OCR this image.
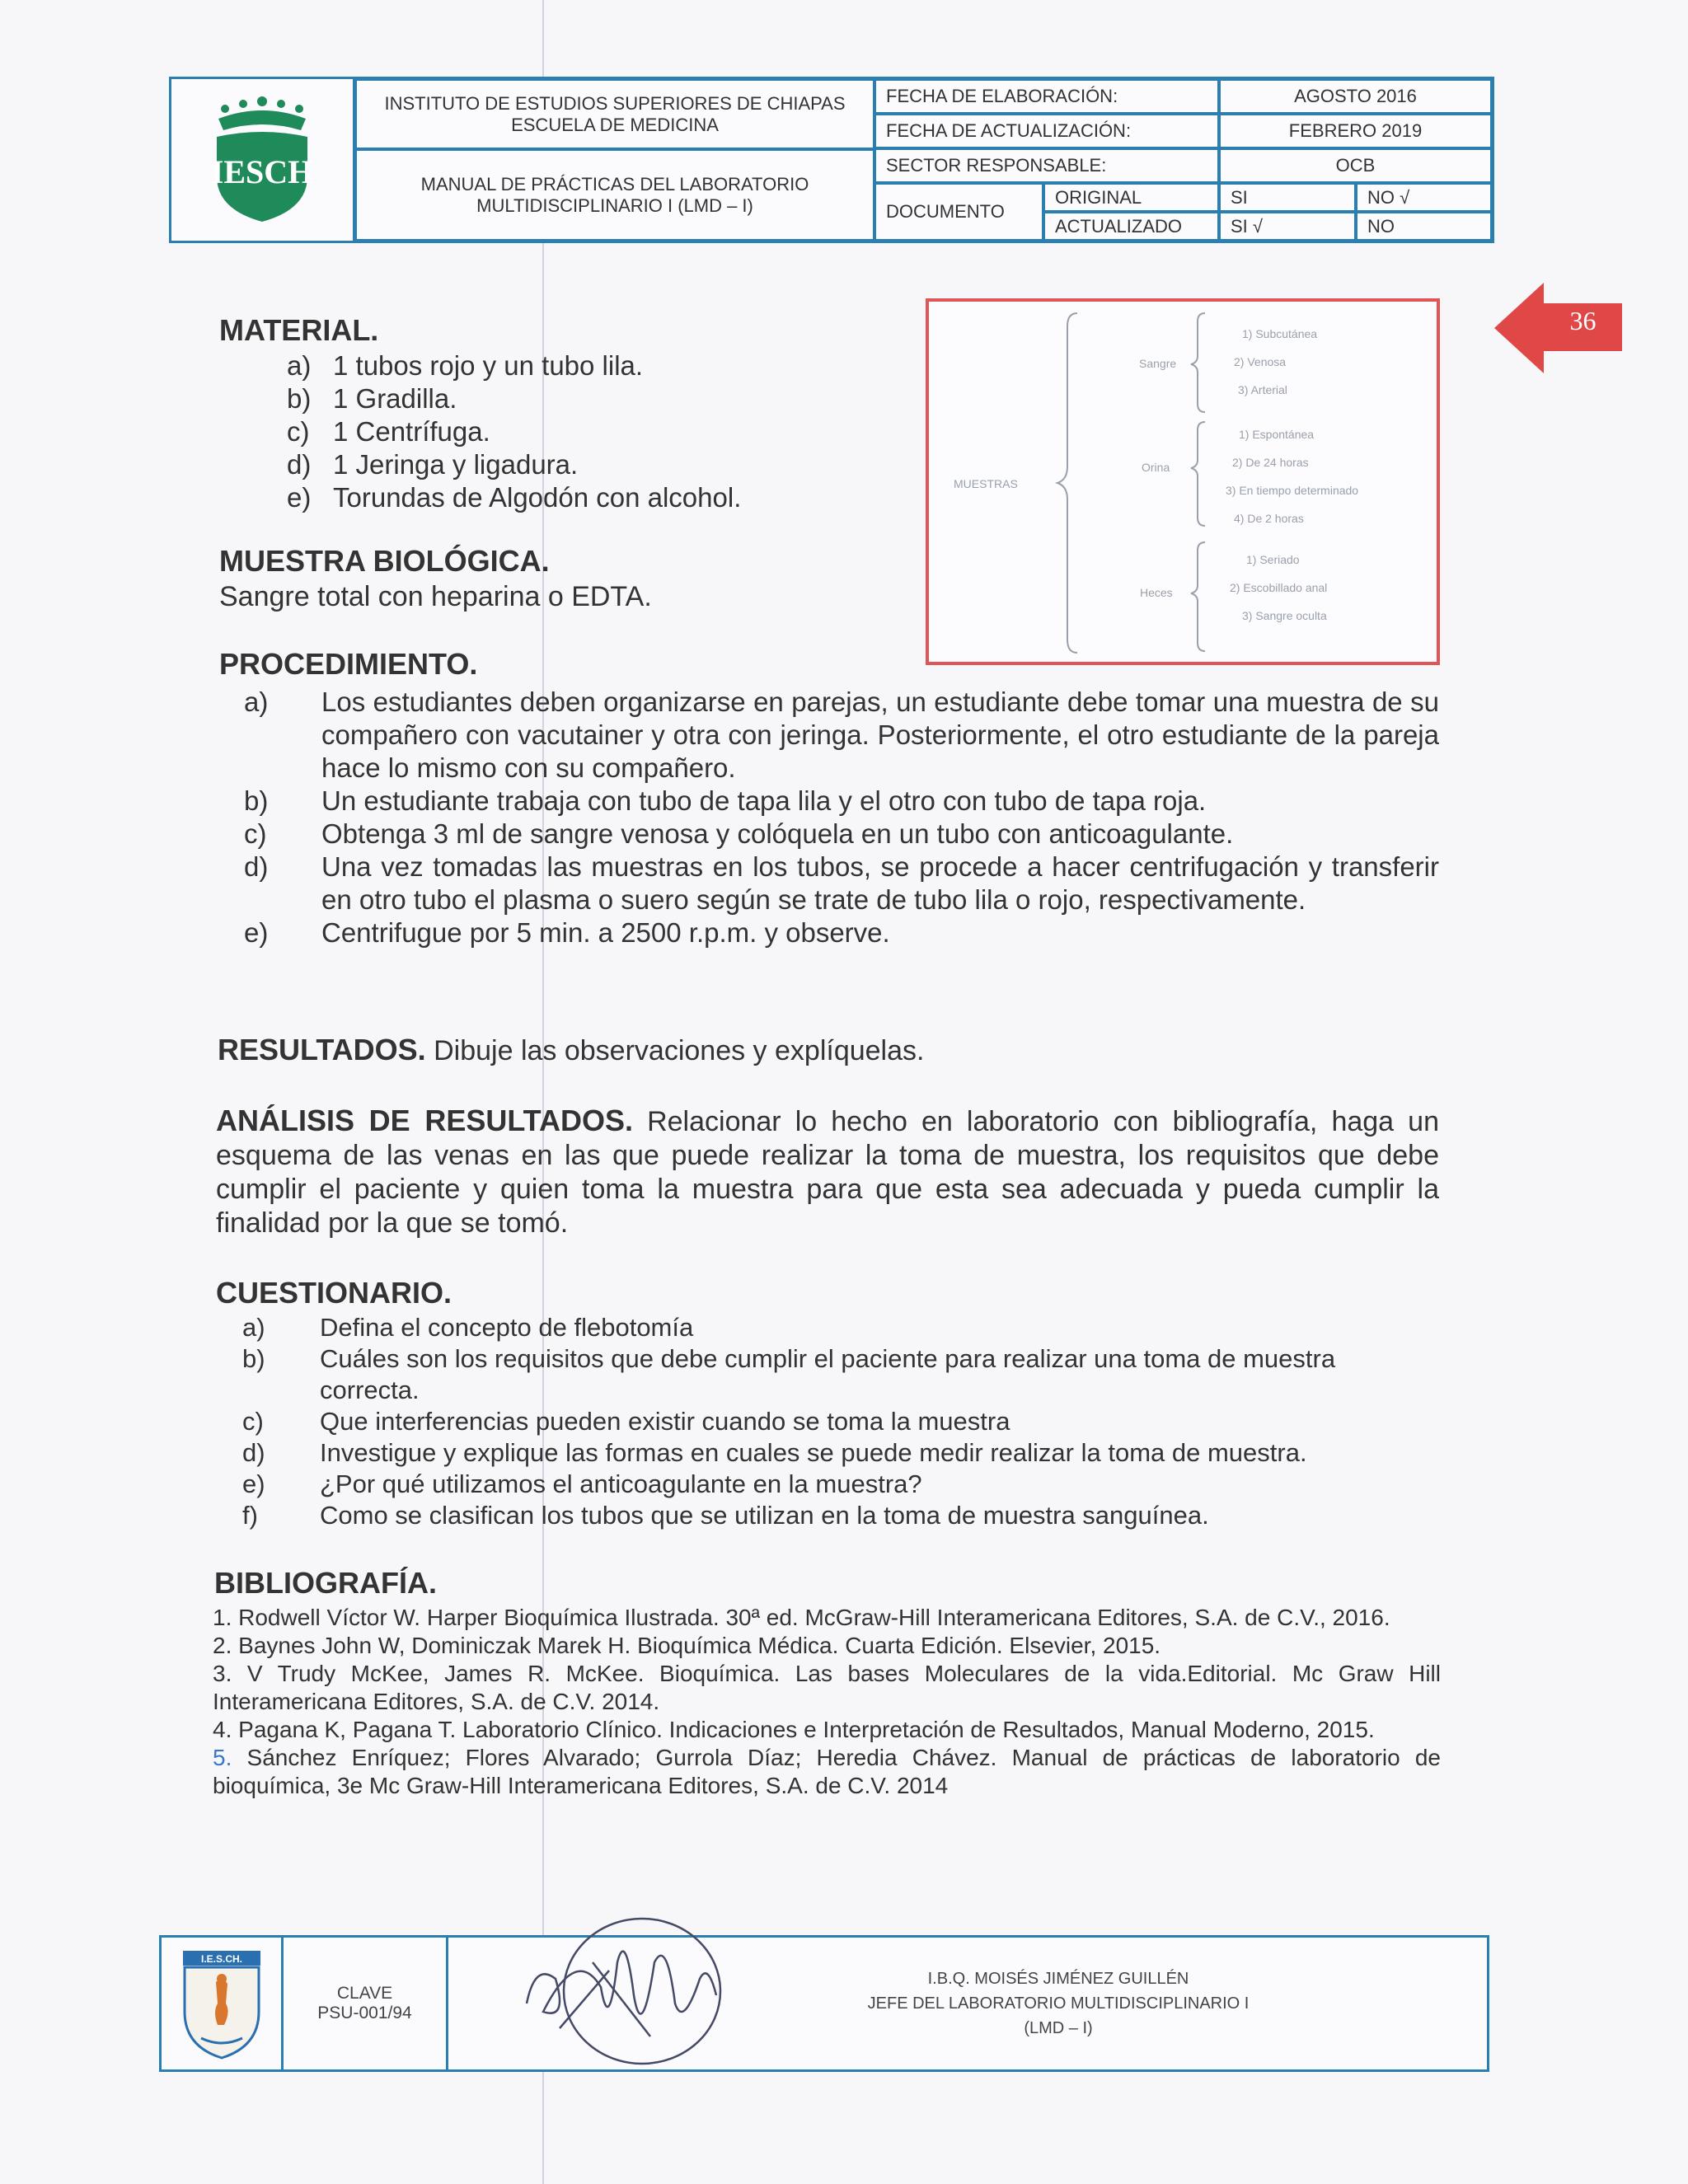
IESCH
INSTITUTO DE ESTUDIOS SUPERIORES DE CHIAPAS
ESCUELA DE MEDICINA
MANUAL DE PRÁCTICAS DEL LABORATORIO
MULTIDISCIPLINARIO I (LMD – I)
FECHA DE ELABORACIÓN:	AGOSTO 2016
FECHA DE ACTUALIZACIÓN:	FEBRERO 2019
SECTOR RESPONSABLE:	OCB
DOCUMENTO
ORIGINAL	SI	NO √
ACTUALIZADO	SI √	NO
36
MATERIAL.
a) 1 tubos rojo y un tubo lila.
b) 1 Gradilla.
c) 1 Centrífuga.
d) 1 Jeringa y ligadura.
e) Torundas de Algodón con alcohol.
MUESTRA BIOLÓGICA.
Sangre total con heparina o EDTA.
MUESTRAS
Sangre
Orina
Heces
1) Subcutánea
2) Venosa
3) Arterial
1) Espontánea
2) De 24 horas
3) En tiempo determinado
4) De 2 horas
1) Seriado
2) Escobillado anal
3) Sangre oculta
PROCEDIMIENTO.
a) Los estudiantes deben organizarse en parejas, un estudiante debe tomar una muestra de su compañero con vacutainer y otra con jeringa. Posteriormente, el otro estudiante de la pareja hace lo mismo con su compañero.
b) Un estudiante trabaja con tubo de tapa lila y el otro con tubo de tapa roja.
c) Obtenga 3 ml de sangre venosa y colóquela en un tubo con anticoagulante.
d) Una vez tomadas las muestras en los tubos, se procede a hacer centrifugación y transferir en otro tubo el plasma o suero según se trate de tubo lila o rojo, respectivamente.
e) Centrifugue por 5 min. a 2500 r.p.m. y observe.
RESULTADOS. Dibuje las observaciones y explíquelas.
ANÁLISIS DE RESULTADOS. Relacionar lo hecho en laboratorio con bibliografía, haga un esquema de las venas en las que puede realizar la toma de muestra, los requisitos que debe cumplir el paciente y quien toma la muestra para que esta sea adecuada y pueda cumplir la finalidad por la que se tomó.
CUESTIONARIO.
a) Defina el concepto de flebotomía
b) Cuáles son los requisitos que debe cumplir el paciente para realizar una toma de muestra correcta.
c) Que interferencias pueden existir cuando se toma la muestra
d) Investigue y explique las formas en cuales se puede medir realizar la toma de muestra.
e) ¿Por qué utilizamos el anticoagulante en la muestra?
f) Como se clasifican los tubos que se utilizan en la toma de muestra sanguínea.
BIBLIOGRAFÍA.

1. Rodwell Víctor W. Harper Bioquímica Ilustrada. 30ª ed. McGraw-Hill Interamericana Editores, S.A. de C.V., 2016.

2. Baynes John W, Dominiczak Marek H. Bioquímica Médica. Cuarta Edición. Elsevier, 2015.

3. V Trudy McKee, James R. McKee. Bioquímica. Las bases Moleculares de la vida.Editorial. Mc Graw Hill Interamericana Editores, S.A. de C.V. 2014.

4. Pagana K, Pagana T. Laboratorio Clínico. Indicaciones e Interpretación de Resultados, Manual Moderno, 2015.

5. Sánchez Enríquez; Flores Alvarado; Gurrola Díaz; Heredia Chávez. Manual de prácticas de laboratorio de bioquímica, 3e Mc Graw-Hill Interamericana Editores, S.A. de C.V. 2014

I.E.S.CH.
CLAVE
PSU-001/94
I.B.Q. MOISÉS JIMÉNEZ GUILLÉN
JEFE DEL LABORATORIO MULTIDISCIPLINARIO I
(LMD – I)
